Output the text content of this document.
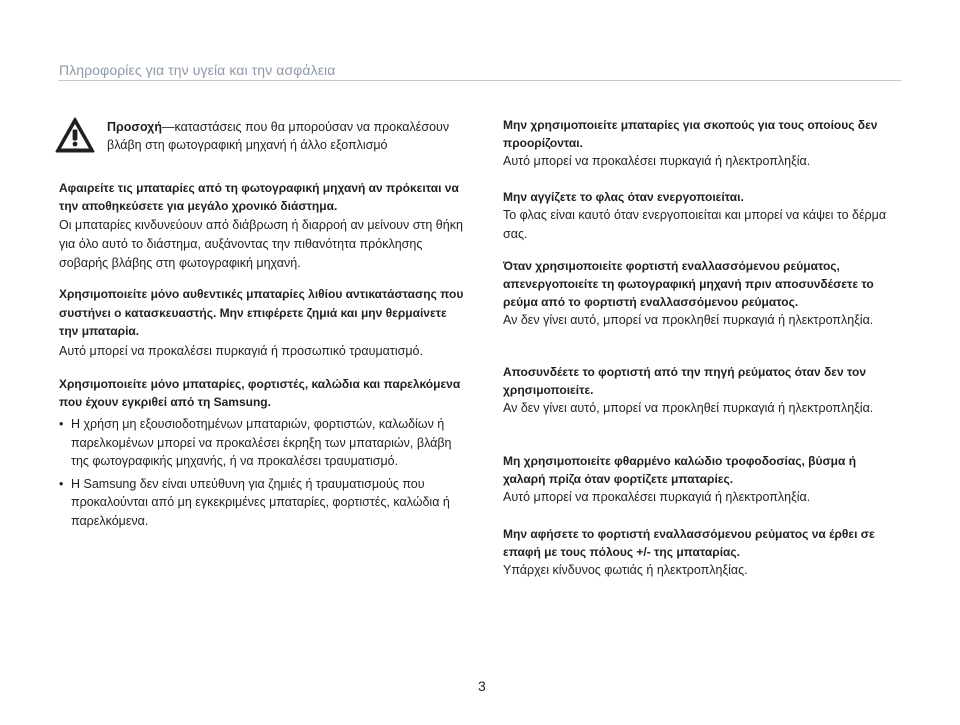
Πληροφορίες για την υγεία και την ασφάλεια
Προσοχή—καταστάσεις που θα μπορούσαν να προκαλέσουν βλάβη στη φωτογραφική μηχανή ή άλλο εξοπλισμό
Αφαιρείτε τις μπαταρίες από τη φωτογραφική μηχανή αν πρόκειται να την αποθηκεύσετε για μεγάλο χρονικό διάστημα.
Οι μπαταρίες κινδυνεύουν από διάβρωση ή διαρροή αν μείνουν στη θήκη για όλο αυτό το διάστημα, αυξάνοντας την πιθανότητα πρόκλησης σοβαρής βλάβης στη φωτογραφική μηχανή.
Χρησιμοποιείτε μόνο αυθεντικές μπαταρίες λιθίου αντικατάστασης που συστήνει ο κατασκευαστής. Μην επιφέρετε ζημιά και μην θερμαίνετε την μπαταρία.
Αυτό μπορεί να προκαλέσει πυρκαγιά ή προσωπικό τραυματισμό.
Χρησιμοποιείτε μόνο μπαταρίες, φορτιστές, καλώδια και παρελκόμενα που έχουν εγκριθεί από τη Samsung.
• Η χρήση μη εξουσιοδοτημένων μπαταριών, φορτιστών, καλωδίων ή παρελκομένων μπορεί να προκαλέσει έκρηξη των μπαταριών, βλάβη της φωτογραφικής μηχανής, ή να προκαλέσει τραυματισμό.
• Η Samsung δεν είναι υπεύθυνη για ζημιές ή τραυματισμούς που προκαλούνται από μη εγκεκριμένες μπαταρίες, φορτιστές, καλώδια ή παρελκόμενα.
Μην χρησιμοποιείτε μπαταρίες για σκοπούς για τους οποίους δεν προορίζονται.
Αυτό μπορεί να προκαλέσει πυρκαγιά ή ηλεκτροπληξία.
Μην αγγίζετε το φλας όταν ενεργοποιείται.
Το φλας είναι καυτό όταν ενεργοποιείται και μπορεί να κάψει το δέρμα σας.
Όταν χρησιμοποιείτε φορτιστή εναλλασσόμενου ρεύματος, απενεργοποιείτε τη φωτογραφική μηχανή πριν αποσυνδέσετε το ρεύμα από το φορτιστή εναλλασσόμενου ρεύματος.
Αν δεν γίνει αυτό, μπορεί να προκληθεί πυρκαγιά ή ηλεκτροπληξία.
Αποσυνδέετε το φορτιστή από την πηγή ρεύματος όταν δεν τον χρησιμοποιείτε.
Αν δεν γίνει αυτό, μπορεί να προκληθεί πυρκαγιά ή ηλεκτροπληξία.
Μη χρησιμοποιείτε φθαρμένο καλώδιο τροφοδοσίας, βύσμα ή χαλαρή πρίζα όταν φορτίζετε μπαταρίες.
Αυτό μπορεί να προκαλέσει πυρκαγιά ή ηλεκτροπληξία.
Μην αφήσετε το φορτιστή εναλλασσόμενου ρεύματος να έρθει σε επαφή με τους πόλους +/- της μπαταρίας.
Υπάρχει κίνδυνος φωτιάς ή ηλεκτροπληξίας.
3
